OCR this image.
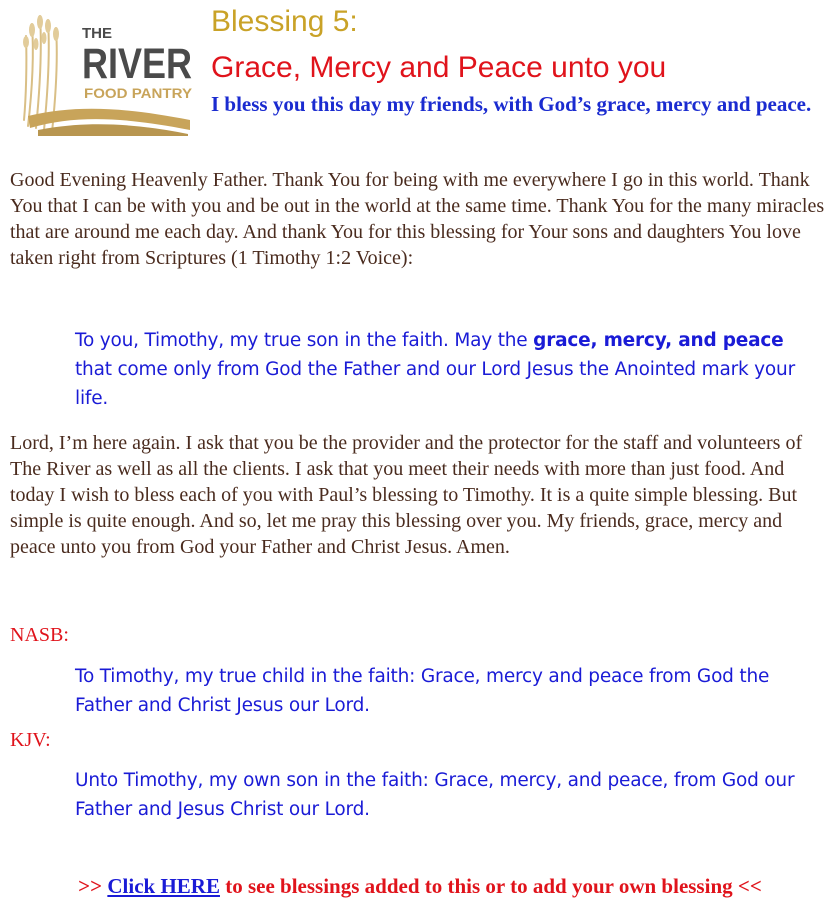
THE
RIVER
FOOD PANTRY
Blessing 5:
Grace, Mercy and Peace unto you
I bless you this day my friends, with God’s grace, mercy and peace.
Good Evening Heavenly Father. Thank You for being with me everywhere I go in this world. Thank You that I can be with you and be out in the world at the same time. Thank You for the many miracles that are around me each day. And thank You for this blessing for Your sons and daughters You love taken right from Scriptures (1 Timothy 1:2 Voice):
To you, Timothy, my true son in the faith. May the grace, mercy, and peace that come only from God the Father and our Lord Jesus the Anointed mark your life.
Lord, I’m here again. I ask that you be the provider and the protector for the staff and volunteers of The River as well as all the clients. I ask that you meet their needs with more than just food. And today I wish to bless each of you with Paul’s blessing to Timothy. It is a quite simple blessing. But simple is quite enough. And so, let me pray this blessing over you. My friends, grace, mercy and peace unto you from God your Father and Christ Jesus. Amen.
NASB:
To Timothy, my true child in the faith: Grace, mercy and peace from God the Father and Christ Jesus our Lord.
KJV:
Unto Timothy, my own son in the faith: Grace, mercy, and peace, from God our Father and Jesus Christ our Lord.
>> Click HERE to see blessings added to this or to add your own blessing <<
